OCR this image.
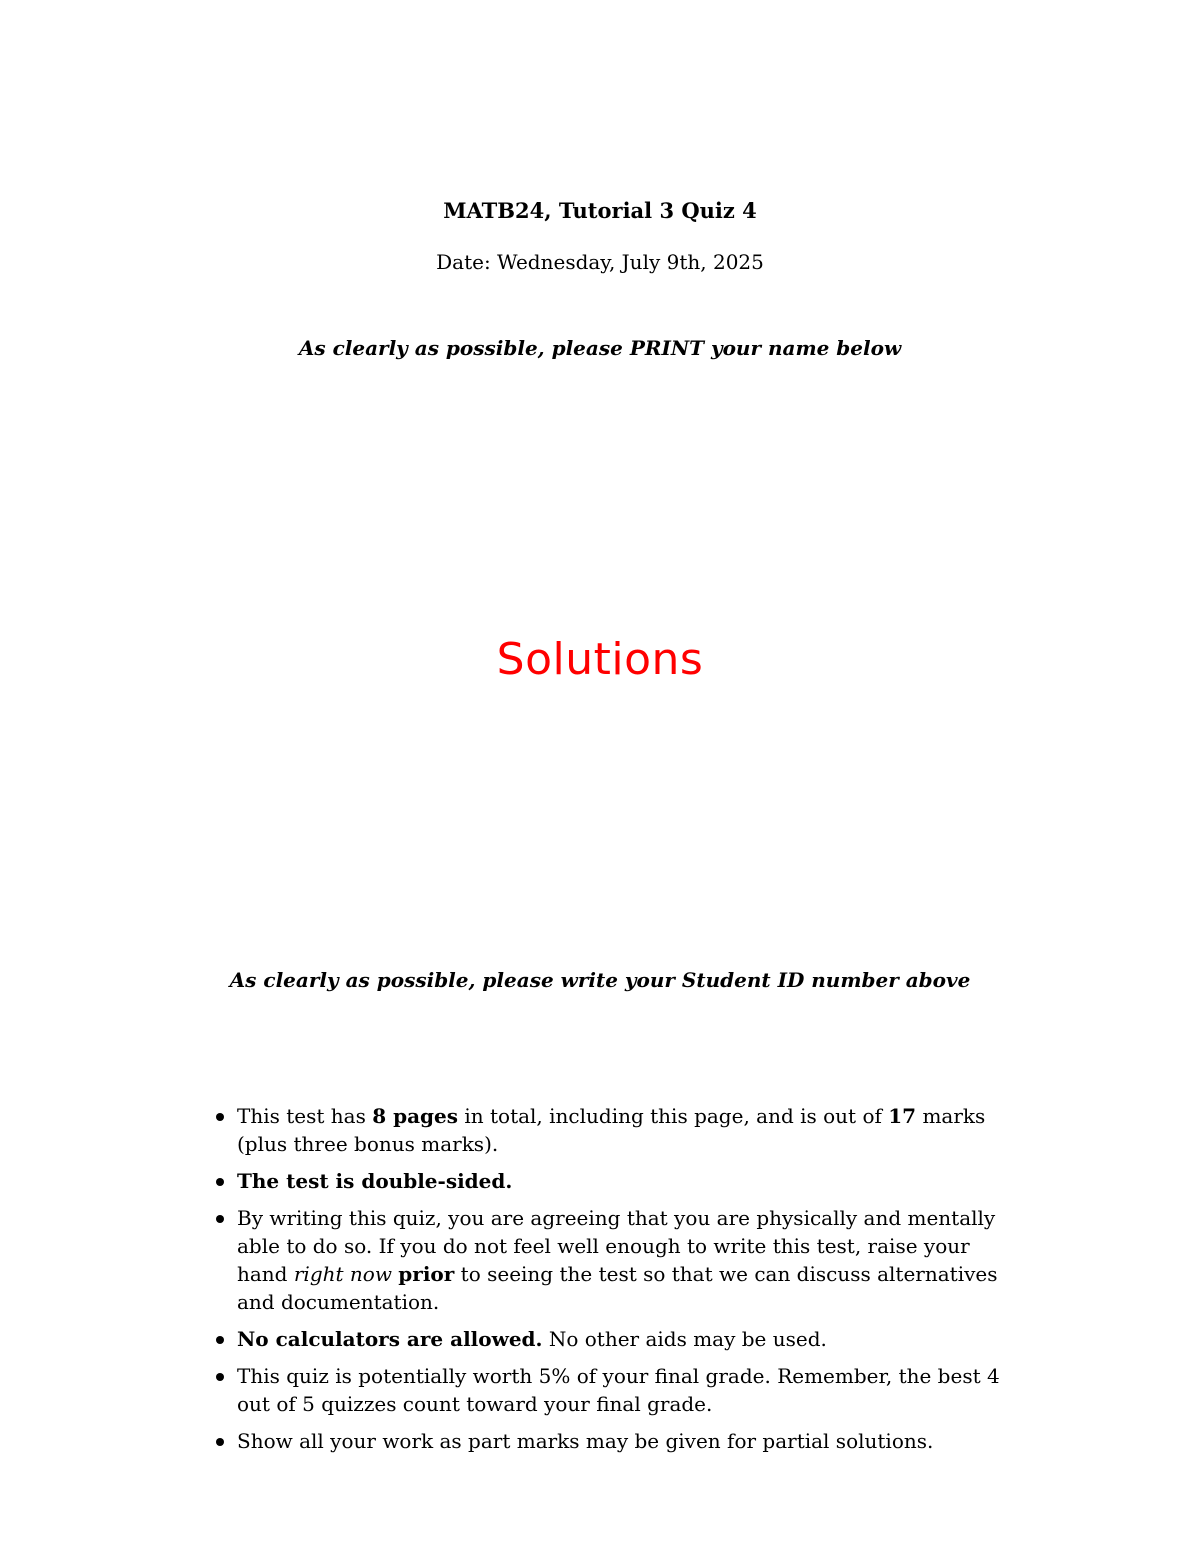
MATB24, Tutorial 3 Quiz 4
Date: Wednesday, July 9th, 2025
As clearly as possible, please PRINT your name below
Solutions
As clearly as possible, please write your Student ID number above
This test has 8 pages in total, including this page, and is out of 17 marks (plus three bonus marks).
The test is double-sided.
By writing this quiz, you are agreeing that you are physically and mentally able to do so. If you do not feel well enough to write this test, raise your hand right now prior to seeing the test so that we can discuss alternatives and documentation.
No calculators are allowed. No other aids may be used.
This quiz is potentially worth 5% of your final grade. Remember, the best 4 out of 5 quizzes count toward your final grade.
Show all your work as part marks may be given for partial solutions.
